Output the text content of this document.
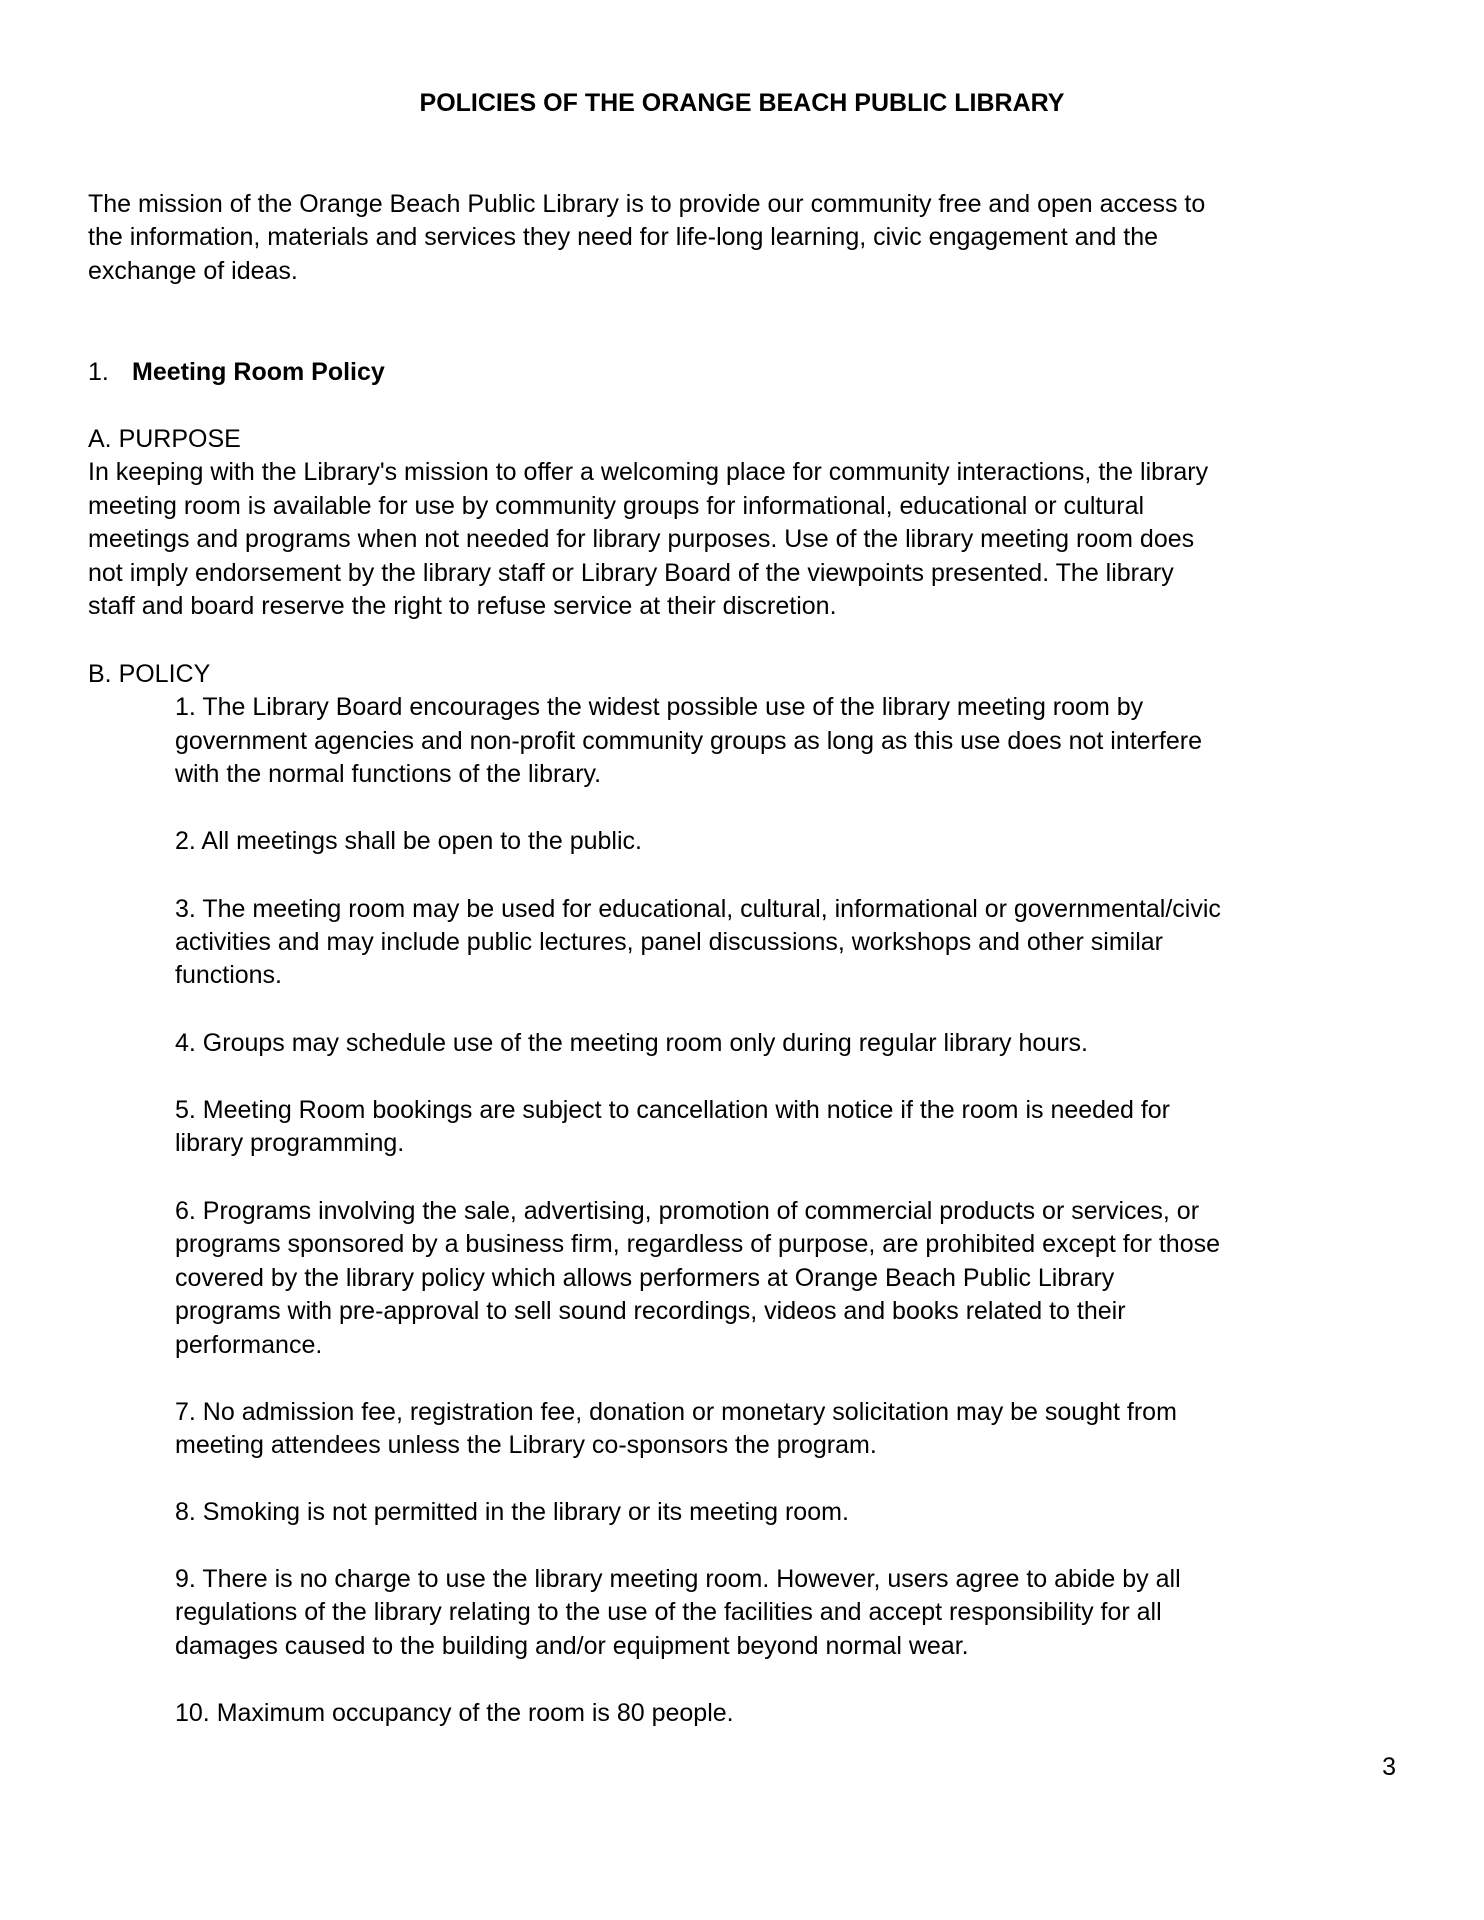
POLICIES OF THE ORANGE BEACH PUBLIC LIBRARY
The mission of the Orange Beach Public Library is to provide our community free and open access to
the information, materials and services they need for life-long learning, civic engagement and the
exchange of ideas.
1. Meeting Room Policy
A. PURPOSE
In keeping with the Library's mission to offer a welcoming place for community interactions, the library
meeting room is available for use by community groups for informational, educational or cultural
meetings and programs when not needed for library purposes. Use of the library meeting room does
not imply endorsement by the library staff or Library Board of the viewpoints presented. The library
staff and board reserve the right to refuse service at their discretion.
B. POLICY
1. The Library Board encourages the widest possible use of the library meeting room by
government agencies and non-profit community groups as long as this use does not interfere
with the normal functions of the library.
2. All meetings shall be open to the public.
3. The meeting room may be used for educational, cultural, informational or governmental/civic
activities and may include public lectures, panel discussions, workshops and other similar
functions.
4. Groups may schedule use of the meeting room only during regular library hours.
5. Meeting Room bookings are subject to cancellation with notice if the room is needed for
library programming.
6. Programs involving the sale, advertising, promotion of commercial products or services, or
programs sponsored by a business firm, regardless of purpose, are prohibited except for those
covered by the library policy which allows performers at Orange Beach Public Library
programs with pre-approval to sell sound recordings, videos and books related to their
performance.
7. No admission fee, registration fee, donation or monetary solicitation may be sought from
meeting attendees unless the Library co-sponsors the program.
8. Smoking is not permitted in the library or its meeting room.
9. There is no charge to use the library meeting room. However, users agree to abide by all
regulations of the library relating to the use of the facilities and accept responsibility for all
damages caused to the building and/or equipment beyond normal wear.
10. Maximum occupancy of the room is 80 people.
3
